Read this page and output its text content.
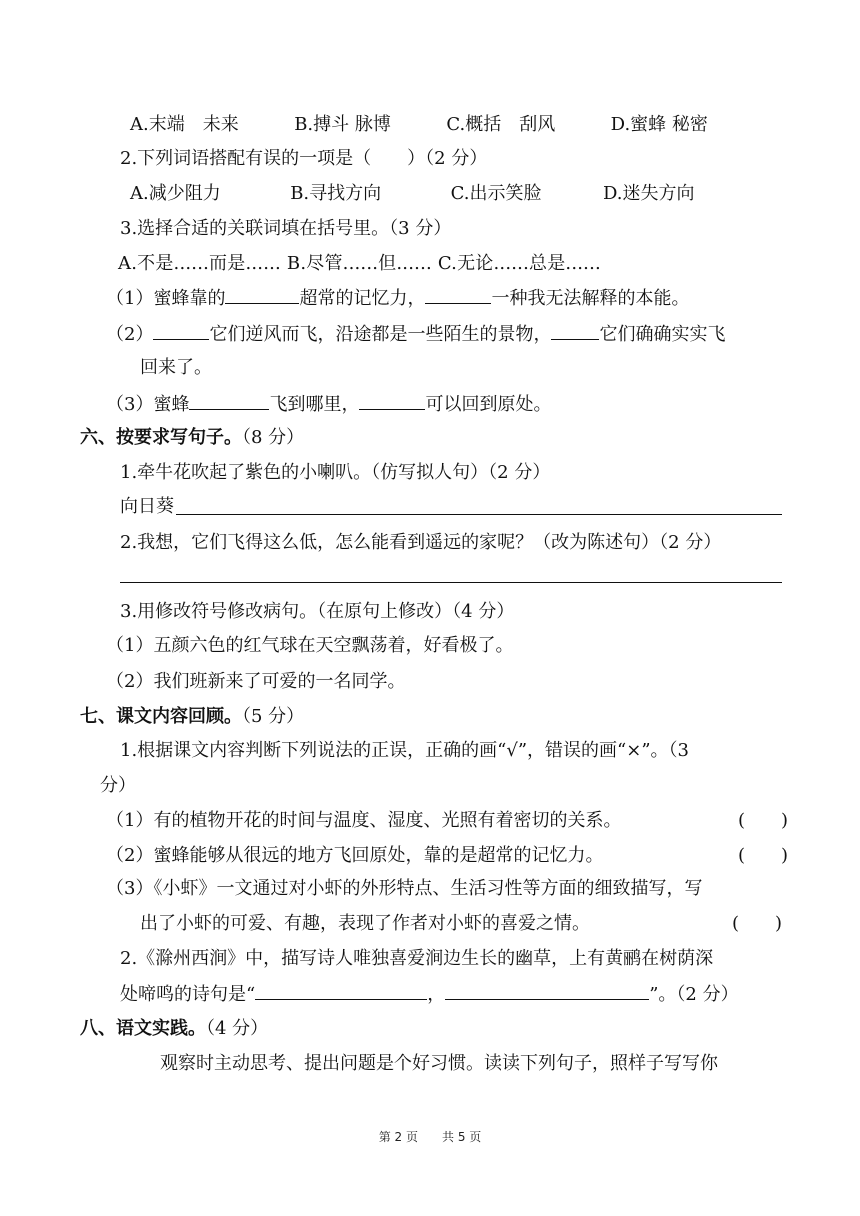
A.末端　未来	B.搏斗 脉博	C.概括　刮风	D.蜜蜂 秘密
2.下列词语搭配有误的一项是（　　）（2 分）
A.减少阻力	B.寻找方向	C.出示笑脸	D.迷失方向
3.选择合适的关联词填在括号里。（3 分）
A.不是......而是...... B.尽管......但...... C.无论......总是......
（1）蜜蜂靠的	超常的记忆力，	一种我无法解释的本能。
（2）	它们逆风而飞，沿途都是一些陌生的景物，	它们确确实实飞
回来了。
（3）蜜蜂	飞到哪里，	可以回到原处。
六、按要求写句子。（8 分）
1.牵牛花吹起了紫色的小喇叭。（仿写拟人句）（2 分）
向日葵
2.我想，它们飞得这么低，怎么能看到遥远的家呢？（改为陈述句）（2 分）
3.用修改符号修改病句。（在原句上修改）（4 分）
（1）五颜六色的红气球在天空飘荡着，好看极了。
（2）我们班新来了可爱的一名同学。
七、课文内容回顾。（5 分）
1.根据课文内容判断下列说法的正误，正确的画“√”，错误的画“×”。（3
分）
（1）有的植物开花的时间与温度、湿度、光照有着密切的关系。	(　　)
（2）蜜蜂能够从很远的地方飞回原处，靠的是超常的记忆力。	(　　)
（3）《小虾》一文通过对小虾的外形特点、生活习性等方面的细致描写，写
出了小虾的可爱、有趣，表现了作者对小虾的喜爱之情。	(　　)
2.《滁州西涧》中，描写诗人唯独喜爱涧边生长的幽草，上有黄鹂在树荫深
处啼鸣的诗句是“	，	”。（2 分）
八、语文实践。（4 分）
观察时主动思考、提出问题是个好习惯。读读下列句子，照样子写写你
第 2 页　　共 5 页
